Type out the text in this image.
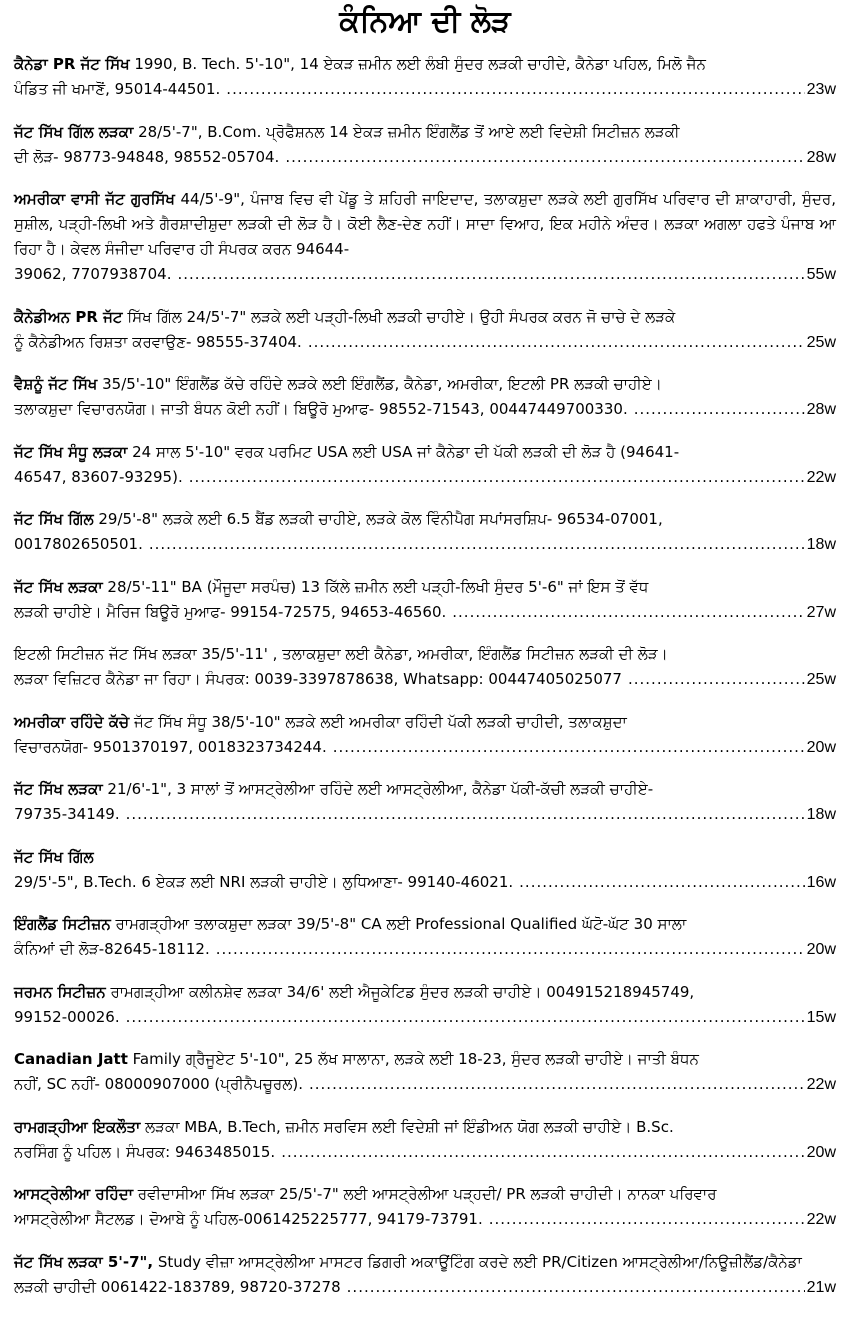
ਕੰਨਿਆ ਦੀ ਲੋੜ
ਕੈਨੇਡਾ PR ਜੱਟ ਸਿੱਖ 1990, B. Tech. 5'-10", 14 ਏਕੜ ਜ਼ਮੀਨ ਲਈ ਲੰਬੀ ਸੁੰਦਰ ਲੜਕੀ ਚਾਹੀਦੇ, ਕੈਨੇਡਾ ਪਹਿਲ, ਮਿਲੋ ਜੈਨ
ਪੰਡਿਤ ਜੀ ਖਮਾਣੋਂ, 95014-44501. .....	23w
ਜੱਟ ਸਿੱਖ ਗਿੱਲ ਲੜਕਾ 28/5'-7", B.Com. ਪ੍ਰੋਫੈਸ਼ਨਲ 14 ਏਕੜ ਜ਼ਮੀਨ ਇੰਗਲੈਂਡ ਤੋਂ ਆਏ ਲਈ ਵਿਦੇਸ਼ੀ ਸਿਟੀਜ਼ਨ ਲੜਕੀ
ਦੀ ਲੋੜ- 98773-94848, 98552-05704. .....	28w
ਅਮਰੀਕਾ ਵਾਸੀ ਜੱਟ ਗੁਰਸਿੱਖ 44/5'-9", ਪੰਜਾਬ ਵਿਚ ਵੀ ਪੇਂਡੂ ਤੇ ਸ਼ਹਿਰੀ ਜਾਇਦਾਦ, ਤਲਾਕਸ਼ੁਦਾ ਲੜਕੇ ਲਈ ਗੁਰਸਿੱਖ ਪਰਿਵਾਰ ਦੀ ਸ਼ਾਕਾਹਾਰੀ, ਸੁੰਦਰ, ਸੁਸ਼ੀਲ, ਪੜ੍ਹੀ-ਲਿਖੀ ਅਤੇ ਗੈਰਸ਼ਾਦੀਸ਼ੁਦਾ ਲੜਕੀ ਦੀ ਲੋੜ ਹੈ। ਕੋਈ ਲੈਣ-ਦੇਣ ਨਹੀਂ। ਸਾਦਾ ਵਿਆਹ, ਇਕ ਮਹੀਨੇ ਅੰਦਰ। ਲੜਕਾ ਅਗਲਾ ਹਫਤੇ ਪੰਜਾਬ ਆ ਰਿਹਾ ਹੈ। ਕੇਵਲ ਸੰਜੀਦਾ ਪਰਿਵਾਰ ਹੀ ਸੰਪਰਕ ਕਰਨ 94644-
39062, 7707938704. .....	55w
ਕੈਨੇਡੀਅਨ PR ਜੱਟ ਸਿੱਖ ਗਿੱਲ 24/5'-7" ਲੜਕੇ ਲਈ ਪੜ੍ਹੀ-ਲਿਖੀ ਲੜਕੀ ਚਾਹੀਏ। ਉਹੀ ਸੰਪਰਕ ਕਰਨ ਜੋ ਚਾਚੇ ਦੇ ਲੜਕੇ
ਨੂੰ ਕੈਨੇਡੀਅਨ ਰਿਸ਼ਤਾ ਕਰਵਾਉਣ- 98555-37404. .....	25w
ਵੈਸ਼ਨੂੰ ਜੱਟ ਸਿੱਖ 35/5'-10" ਇੰਗਲੈਂਡ ਕੱਚੇ ਰਹਿੰਦੇ ਲੜਕੇ ਲਈ ਇੰਗਲੈਂਡ, ਕੈਨੇਡਾ, ਅਮਰੀਕਾ, ਇਟਲੀ PR ਲੜਕੀ ਚਾਹੀਏ।
ਤਲਾਕਸ਼ੁਦਾ ਵਿਚਾਰਨਯੋਗ। ਜਾਤੀ ਬੰਧਨ ਕੋਈ ਨਹੀਂ। ਬਿਊਰੋ ਮੁਆਫ- 98552-71543, 00447449700330. .....	28w
ਜੱਟ ਸਿੱਖ ਸੰਧੂ ਲੜਕਾ 24 ਸਾਲ 5'-10" ਵਰਕ ਪਰਮਿਟ USA ਲਈ USA ਜਾਂ ਕੈਨੇਡਾ ਦੀ ਪੱਕੀ ਲੜਕੀ ਦੀ ਲੋੜ ਹੈ (94641-
46547, 83607-93295). .....	22w
ਜੱਟ ਸਿੱਖ ਗਿੱਲ 29/5'-8" ਲੜਕੇ ਲਈ 6.5 ਬੈਂਡ ਲੜਕੀ ਚਾਹੀਏ, ਲੜਕੇ ਕੋਲ ਵਿੰਨੀਪੈਗ ਸਪਾਂਸਰਸ਼ਿਪ- 96534-07001,
0017802650501. .....	18w
ਜੱਟ ਸਿੱਖ ਲੜਕਾ 28/5'-11" BA (ਮੌਜੂਦਾ ਸਰਪੰਚ) 13 ਕਿੱਲੇ ਜ਼ਮੀਨ ਲਈ ਪੜ੍ਹੀ-ਲਿਖੀ ਸੁੰਦਰ 5'-6" ਜਾਂ ਇਸ ਤੋਂ ਵੱਧ
ਲੜਕੀ ਚਾਹੀਏ। ਮੈਰਿਜ ਬਿਊਰੋ ਮੁਆਫ- 99154-72575, 94653-46560. .....	27w
ਇਟਲੀ ਸਿਟੀਜ਼ਨ ਜੱਟ ਸਿੱਖ ਲੜਕਾ 35/5'-11' , ਤਲਾਕਸ਼ੁਦਾ ਲਈ ਕੈਨੇਡਾ, ਅਮਰੀਕਾ, ਇੰਗਲੈਂਡ ਸਿਟੀਜ਼ਨ ਲੜਕੀ ਦੀ ਲੋੜ।
ਲੜਕਾ ਵਿਜ਼ਿਟਰ ਕੈਨੇਡਾ ਜਾ ਰਿਹਾ। ਸੰਪਰਕ: 0039-3397878638, Whatsapp: 00447405025077 .....	25w
ਅਮਰੀਕਾ ਰਹਿੰਦੇ ਕੱਚੇ ਜੱਟ ਸਿੱਖ ਸੰਧੂ 38/5'-10" ਲੜਕੇ ਲਈ ਅਮਰੀਕਾ ਰਹਿੰਦੀ ਪੱਕੀ ਲੜਕੀ ਚਾਹੀਦੀ, ਤਲਾਕਸ਼ੁਦਾ
ਵਿਚਾਰਨਯੋਗ- 9501370197, 0018323734244. .....	20w
ਜੱਟ ਸਿੱਖ ਲੜਕਾ 21/6'-1", 3 ਸਾਲਾਂ ਤੋਂ ਆਸਟ੍ਰੇਲੀਆ ਰਹਿੰਦੇ ਲਈ ਆਸਟ੍ਰੇਲੀਆ, ਕੈਨੇਡਾ ਪੱਕੀ-ਕੱਚੀ ਲੜਕੀ ਚਾਹੀਏ-
79735-34149. .....	18w
ਜੱਟ ਸਿੱਖ ਗਿੱਲ
29/5'-5", B.Tech. 6 ਏਕੜ ਲਈ NRI ਲੜਕੀ ਚਾਹੀਏ। ਲੁਧਿਆਣਾ- 99140-46021. .....	16w
ਇੰਗਲੈਂਡ ਸਿਟੀਜ਼ਨ ਰਾਮਗੜ੍ਹੀਆ ਤਲਾਕਸ਼ੁਦਾ ਲੜਕਾ 39/5'-8" CA ਲਈ Professional Qualified ਘੱਟੋ-ਘੱਟ 30 ਸਾਲਾ
ਕੰਨਿਆਂ ਦੀ ਲੋੜ-82645-18112. .....	20w
ਜਰਮਨ ਸਿਟੀਜ਼ਨ ਰਾਮਗੜ੍ਹੀਆ ਕਲੀਨਸ਼ੇਵ ਲੜਕਾ 34/6' ਲਈ ਐਜੂਕੇਟਿਡ ਸੁੰਦਰ ਲੜਕੀ ਚਾਹੀਏ। 004915218945749,
99152-00026. .....	15w
Canadian Jatt Family ਗ੍ਰੈਜੂਏਟ 5'-10", 25 ਲੱਖ ਸਾਲਾਨਾ, ਲੜਕੇ ਲਈ 18-23, ਸੁੰਦਰ ਲੜਕੀ ਚਾਹੀਏ। ਜਾਤੀ ਬੰਧਨ
ਨਹੀਂ, SC ਨਹੀਂ- 08000907000 (ਪ੍ਰੀਨੈਪਚੂਰਲ). .....	22w
ਰਾਮਗੜ੍ਹੀਆ ਇਕਲੌਤਾ ਲੜਕਾ MBA, B.Tech, ਜ਼ਮੀਨ ਸਰਵਿਸ ਲਈ ਵਿਦੇਸ਼ੀ ਜਾਂ ਇੰਡੀਅਨ ਯੋਗ ਲੜਕੀ ਚਾਹੀਏ। B.Sc.
ਨਰਸਿੰਗ ਨੂੰ ਪਹਿਲ। ਸੰਪਰਕ: 9463485015. .....	20w
ਆਸਟ੍ਰੇਲੀਆ ਰਹਿੰਦਾ ਰਵੀਦਾਸੀਆ ਸਿੱਖ ਲੜਕਾ 25/5'-7" ਲਈ ਆਸਟ੍ਰੇਲੀਆ ਪੜ੍ਹਦੀ/ PR ਲੜਕੀ ਚਾਹੀਦੀ। ਨਾਨਕਾ ਪਰਿਵਾਰ
ਆਸਟ੍ਰੇਲੀਆ ਸੈਟਲਡ। ਦੋਆਬੇ ਨੂੰ ਪਹਿਲ-0061425225777, 94179-73791. .....	22w
ਜੱਟ ਸਿੱਖ ਲੜਕਾ 5'-7", Study ਵੀਜ਼ਾ ਆਸਟ੍ਰੇਲੀਆ ਮਾਸਟਰ ਡਿਗਰੀ ਅਕਾਊਂਟਿੰਗ ਕਰਦੇ ਲਈ PR/Citizen ਆਸਟ੍ਰੇਲੀਆ/ਨਿਊਜ਼ੀਲੈਂਡ/ਕੈਨੇਡਾ
ਲੜਕੀ ਚਾਹੀਦੀ 0061422-183789, 98720-37278 .....	21w
